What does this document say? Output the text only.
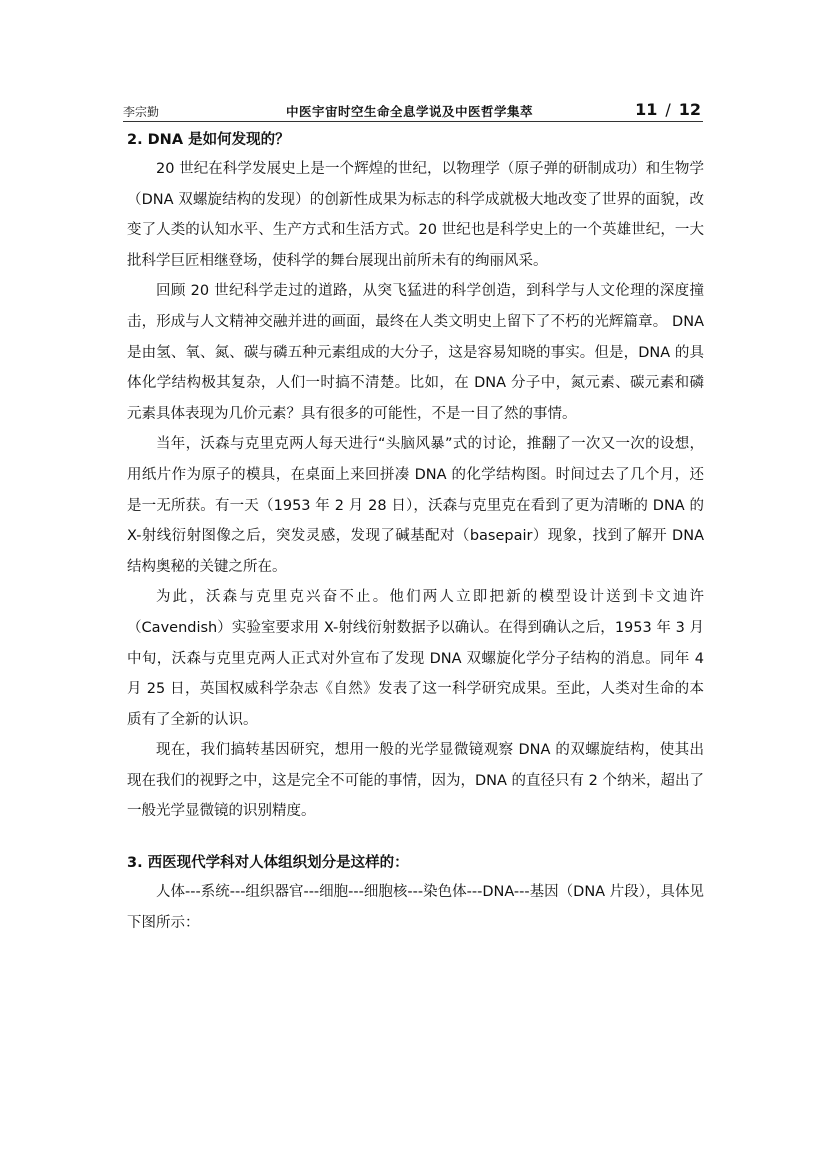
李宗勤	中医宇宙时空生命全息学说及中医哲学集萃	11 / 12

2. DNA 是如何发现的？

20 世纪在科学发展史上是一个辉煌的世纪，以物理学（原子弹的研制成功）和生物学（DNA 双螺旋结构的发现）的创新性成果为标志的科学成就极大地改变了世界的面貌，改变了人类的认知水平、生产方式和生活方式。20 世纪也是科学史上的一个英雄世纪，一大批科学巨匠相继登场，使科学的舞台展现出前所未有的绚丽风采。

回顾 20 世纪科学走过的道路，从突飞猛进的科学创造，到科学与人文伦理的深度撞击，形成与人文精神交融并进的画面，最终在人类文明史上留下了不朽的光辉篇章。 DNA 是由氢、氧、氮、碳与磷五种元素组成的大分子，这是容易知晓的事实。但是，DNA 的具体化学结构极其复杂，人们一时搞不清楚。比如，在 DNA 分子中，氮元素、碳元素和磷元素具体表现为几价元素？具有很多的可能性，不是一目了然的事情。

当年，沃森与克里克两人每天进行“头脑风暴”式的讨论，推翻了一次又一次的设想，用纸片作为原子的模具，在桌面上来回拼凑 DNA 的化学结构图。时间过去了几个月，还是一无所获。有一天（1953 年 2 月 28 日），沃森与克里克在看到了更为清晰的 DNA 的 X-射线衍射图像之后，突发灵感，发现了碱基配对（basepair）现象，找到了解开 DNA 结构奥秘的关键之所在。

为此，沃森与克里克兴奋不止。他们两人立即把新的模型设计送到卡文迪许（Cavendish）实验室要求用 X-射线衍射数据予以确认。在得到确认之后，1953 年 3 月中旬，沃森与克里克两人正式对外宣布了发现 DNA 双螺旋化学分子结构的消息。同年 4 月 25 日，英国权威科学杂志《自然》发表了这一科学研究成果。至此，人类对生命的本质有了全新的认识。

现在，我们搞转基因研究，想用一般的光学显微镜观察 DNA 的双螺旋结构，使其出现在我们的视野之中，这是完全不可能的事情，因为，DNA 的直径只有 2 个纳米，超出了一般光学显微镜的识别精度。

3. 西医现代学科对人体组织划分是这样的：

人体---系统---组织器官---细胞---细胞核---染色体---DNA---基因（DNA 片段），具体见下图所示：
